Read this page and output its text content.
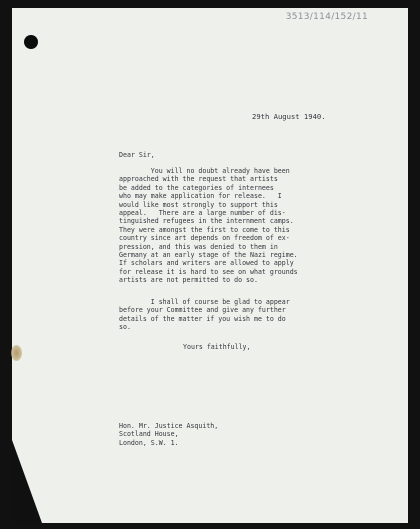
3513/114/152/11
29th August 1940.
Dear Sir,
You will no doubt already have been
approached with the request that artists
be added to the categories of internees
who may make application for release.   I
would like most strongly to support this
appeal.   There are a large number of dis-
tinguished refugees in the internment camps.
They were amongst the first to come to this
country since art depends on freedom of ex-
pression, and this was denied to them in
Germany at an early stage of the Nazi regime.
If scholars and writers are allowed to apply
for release it is hard to see on what grounds
artists are not permitted to do so.
I shall of course be glad to appear
before your Committee and give any further
details of the matter if you wish me to do
so.
Yours faithfully,
Hon. Mr. Justice Asquith,
Scotland House,
London, S.W. 1.
